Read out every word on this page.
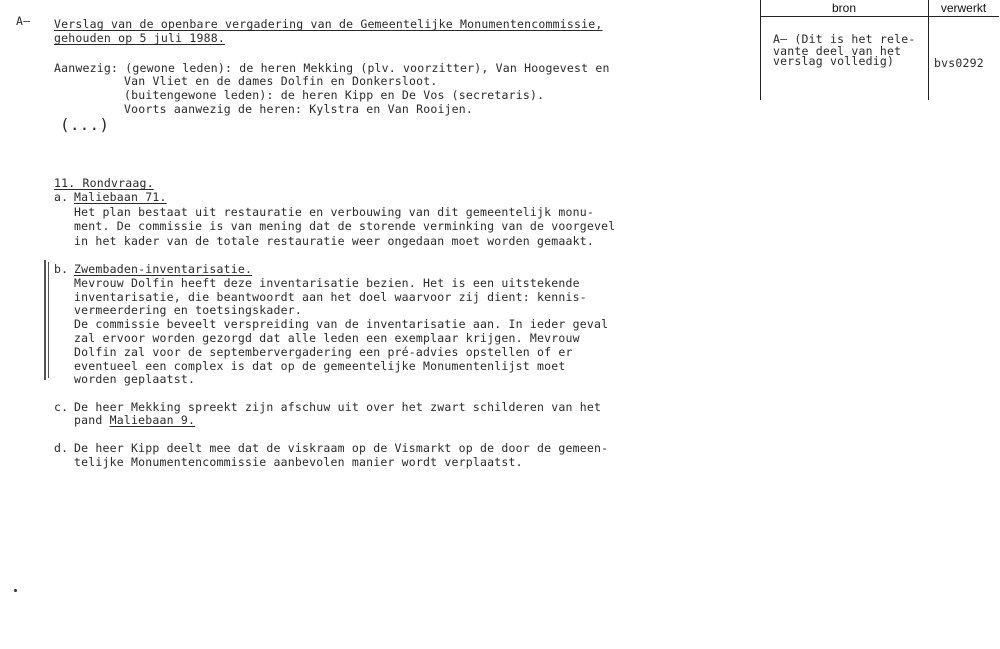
bron	verwerkt
A– (Dit is het rele-
vante deel van het
verslag volledig)	bvs0292
A– Verslag van de openbare vergadering van de Gemeentelijke Monumentencommissie,
gehouden op 5 juli 1988.
Aanwezig: (gewone leden): de heren Mekking (plv. voorzitter), Van Hoogevest en
Van Vliet en de dames Dolfin en Donkersloot.
(buitengewone leden): de heren Kipp en De Vos (secretaris).
Voorts aanwezig de heren: Kylstra en Van Rooijen.
(...)
11. Rondvraag.
a. Maliebaan 71.
Het plan bestaat uit restauratie en verbouwing van dit gemeentelijk monu-
ment. De commissie is van mening dat de storende verminking van de voorgevel
in het kader van de totale restauratie weer ongedaan moet worden gemaakt.
b. Zwembaden-inventarisatie.
Mevrouw Dolfin heeft deze inventarisatie bezien. Het is een uitstekende
inventarisatie, die beantwoordt aan het doel waarvoor zij dient: kennis-
vermeerdering en toetsingskader.
De commissie beveelt verspreiding van de inventarisatie aan. In ieder geval
zal ervoor worden gezorgd dat alle leden een exemplaar krijgen. Mevrouw
Dolfin zal voor de septembervergadering een pré-advies opstellen of er
eventueel een complex is dat op de gemeentelijke Monumentenlijst moet
worden geplaatst.
c. De heer Mekking spreekt zijn afschuw uit over het zwart schilderen van het
pand Maliebaan 9.
d. De heer Kipp deelt mee dat de viskraam op de Vismarkt op de door de gemeen-
telijke Monumentencommissie aanbevolen manier wordt verplaatst.
